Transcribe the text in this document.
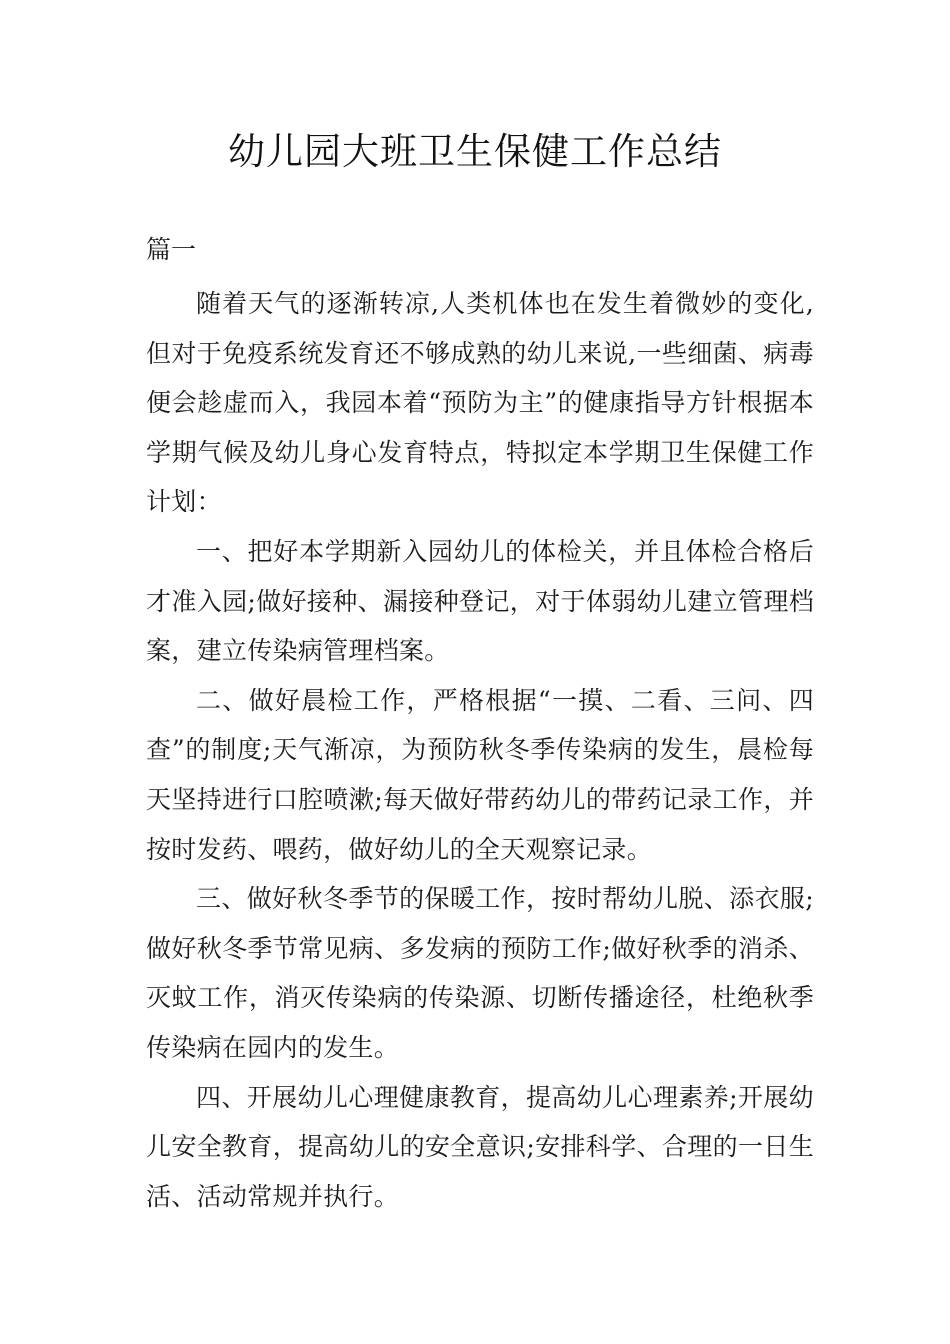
幼儿园大班卫生保健工作总结

篇一

随着天气的逐渐转凉,人类机体也在发生着微妙的变化,但对于免疫系统发育还不够成熟的幼儿来说,一些细菌、病毒便会趁虚而入，我园本着“预防为主”的健康指导方针根据本学期气候及幼儿身心发育特点，特拟定本学期卫生保健工作计划：

一、把好本学期新入园幼儿的体检关，并且体检合格后才准入园;做好接种、漏接种登记，对于体弱幼儿建立管理档案，建立传染病管理档案。

二、做好晨检工作，严格根据“一摸、二看、三问、四查”的制度;天气渐凉，为预防秋冬季传染病的发生，晨检每天坚持进行口腔喷漱;每天做好带药幼儿的带药记录工作，并按时发药、喂药，做好幼儿的全天观察记录。

三、做好秋冬季节的保暖工作，按时帮幼儿脱、添衣服;做好秋冬季节常见病、多发病的预防工作;做好秋季的消杀、灭蚊工作，消灭传染病的传染源、切断传播途径，杜绝秋季传染病在园内的发生。

四、开展幼儿心理健康教育，提高幼儿心理素养;开展幼儿安全教育，提高幼儿的安全意识;安排科学、合理的一日生活、活动常规并执行。
